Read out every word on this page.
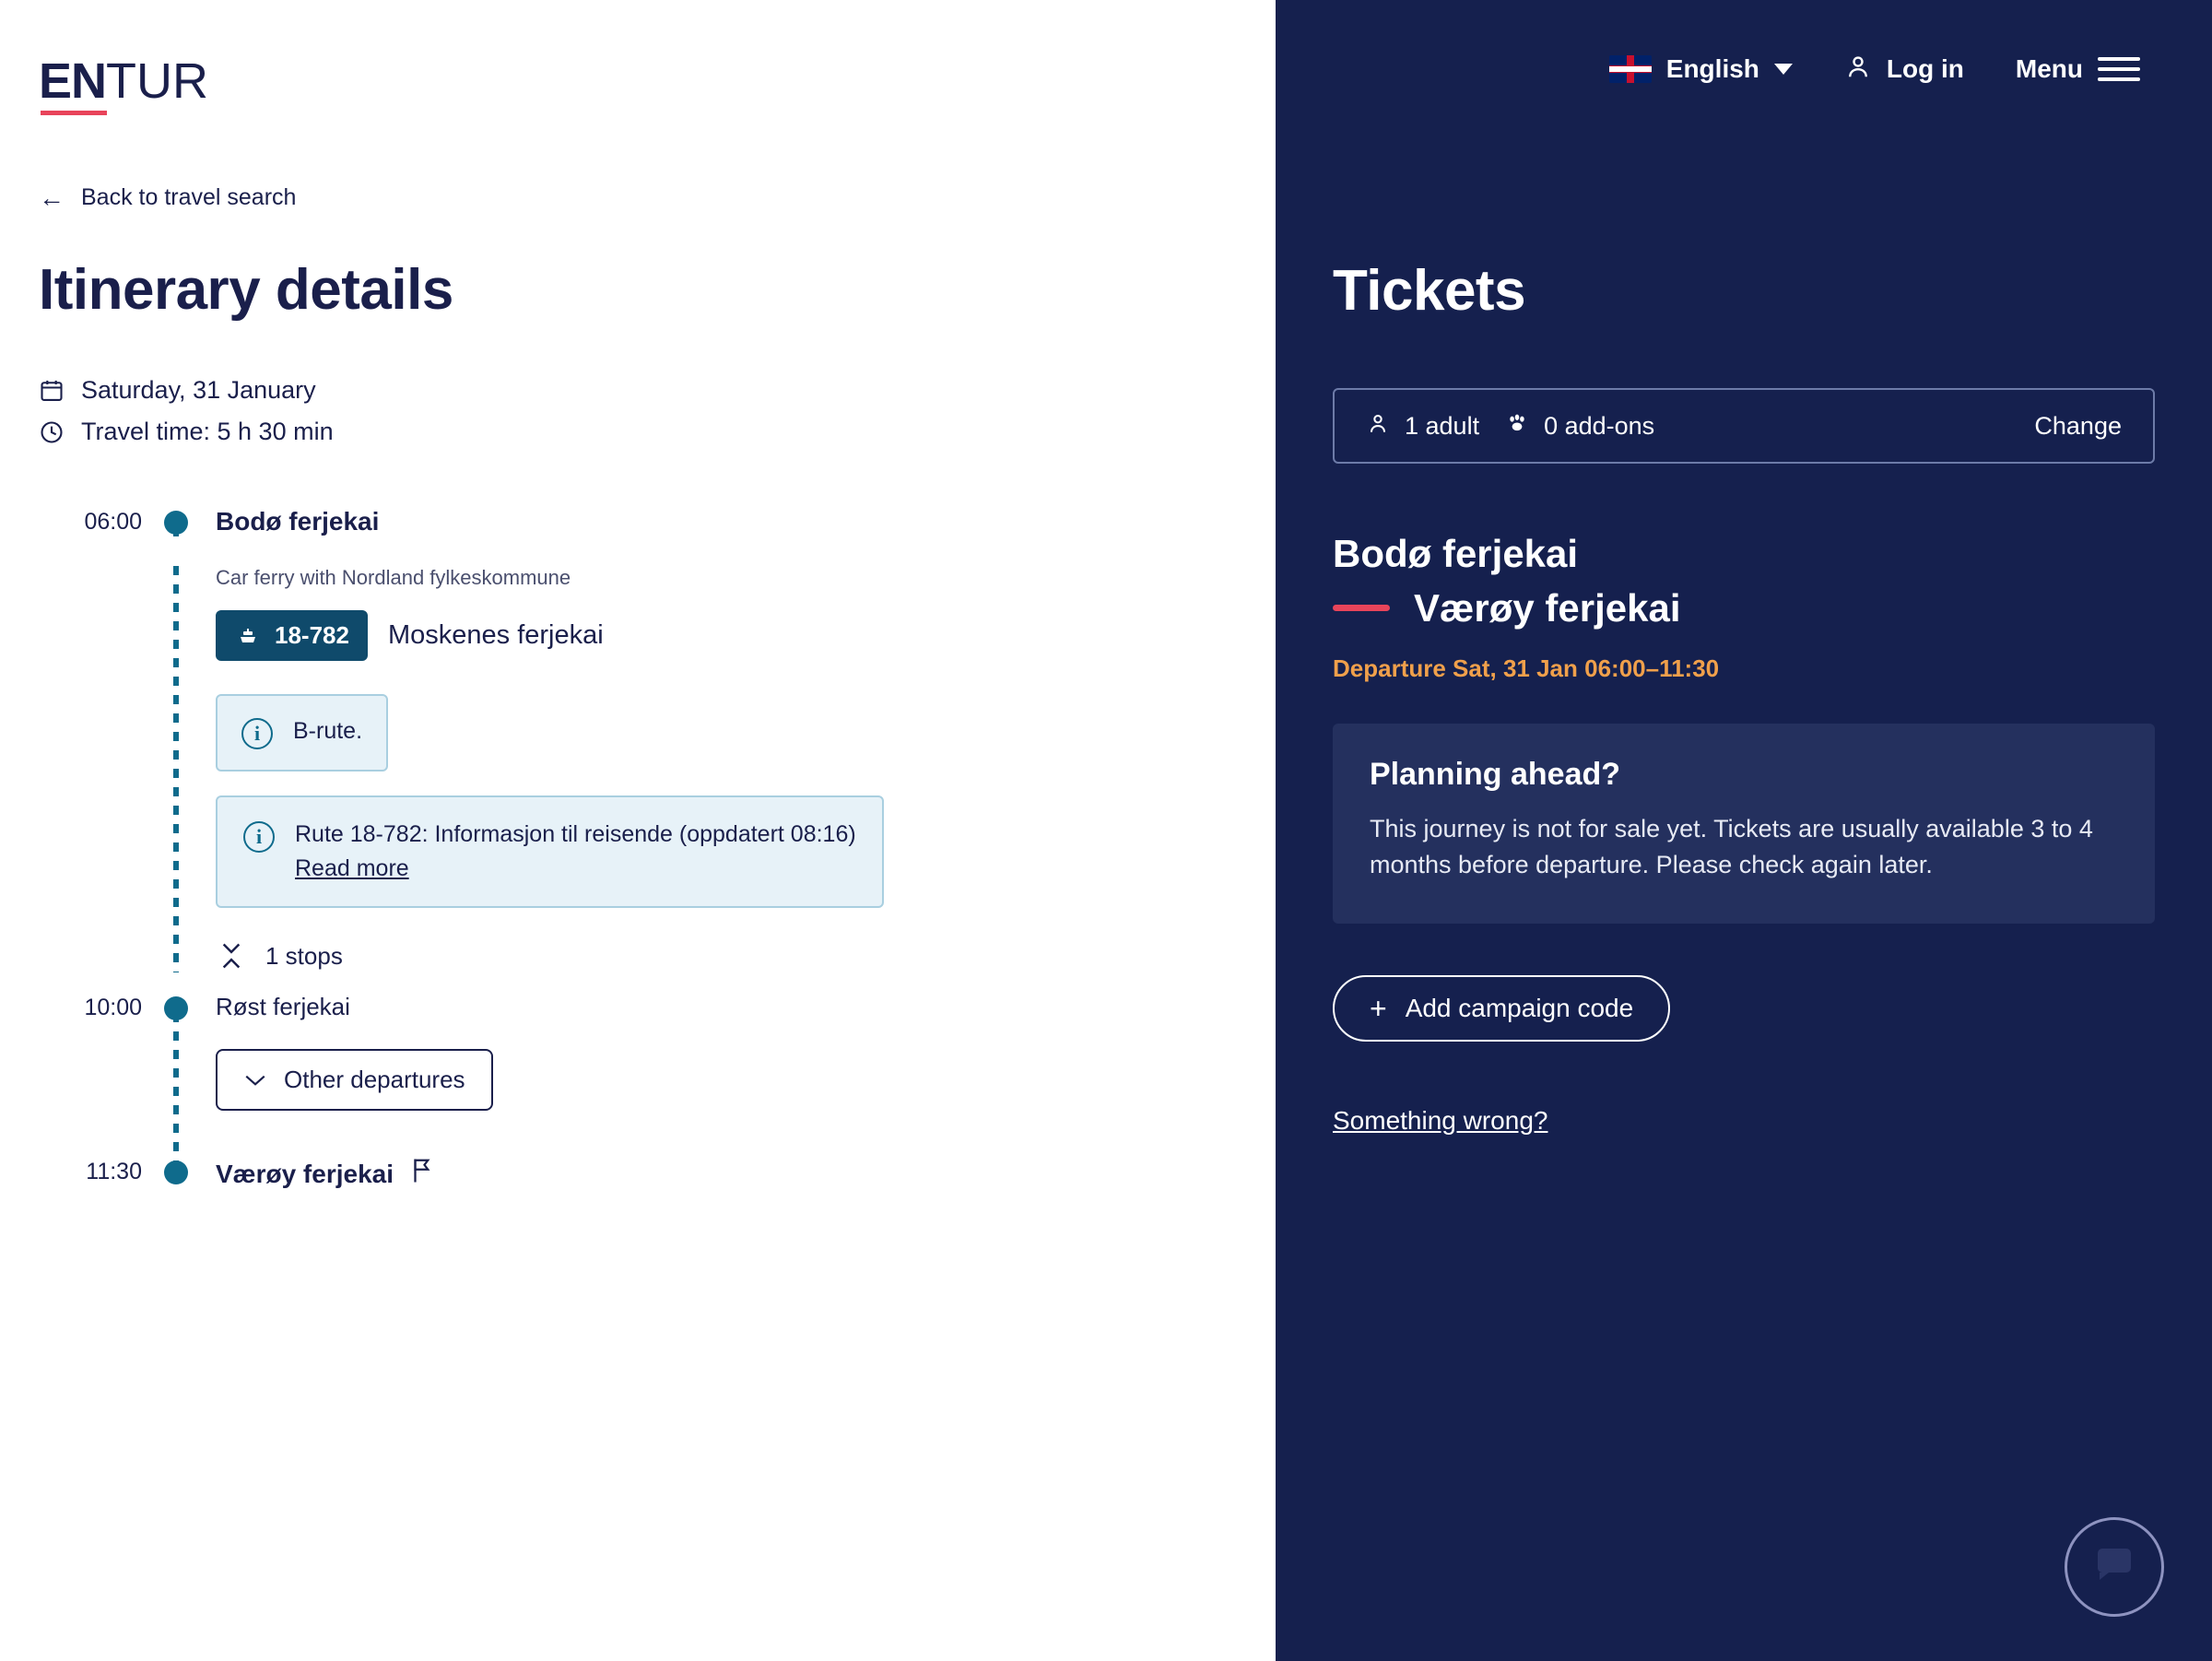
ENTUR
← Back to travel search
Itinerary details
Saturday, 31 January
Travel time: 5 h 30 min
06:00	Bodø ferjekai
Car ferry with Nordland fylkeskommune
18-782 Moskenes ferjekai
i	B-rute.
i	Rute 18-782: Informasjon til reisende (oppdatert 08:16)
Read more
1 stops
10:00	Røst ferjekai
Other departures
11:30	Værøy ferjekai
English	Log in Menu
Tickets
1 adult	0 add-ons	Change
Bodø ferjekai
Værøy ferjekai
Departure Sat, 31 Jan 06:00–11:30
Planning ahead?

This journey is not for sale yet. Tickets are usually available 3 to 4 months before departure. Please check again later.

+ Add campaign code
Something wrong?
